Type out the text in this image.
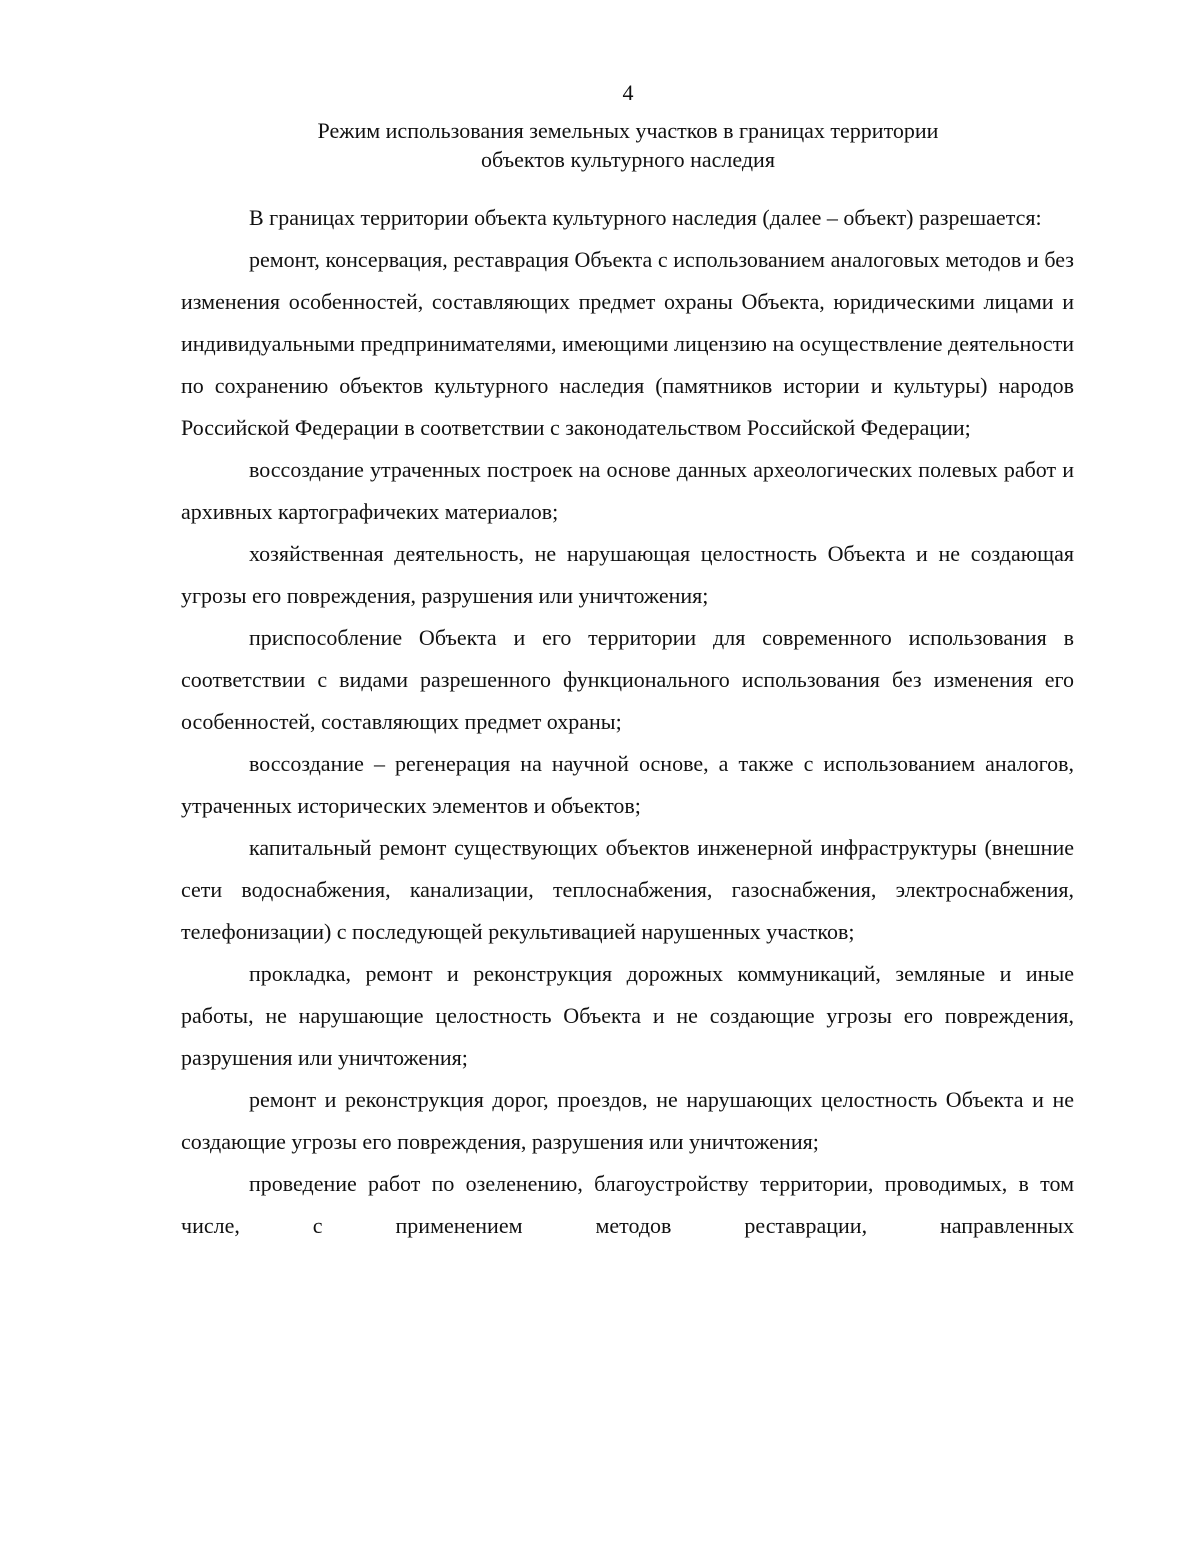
4
Режим использования земельных участков в границах территории
объектов культурного наследия

В границах территории объекта культурного наследия (далее – объект) разрешается:

ремонт, консервация, реставрация Объекта с использованием аналоговых методов и без изменения особенностей, составляющих предмет охраны Объекта, юридическими лицами и индивидуальными предпринимателями, имеющими лицензию на осуществление деятельности по сохранению объектов культурного наследия (памятников истории и культуры) народов Российской Федерации в соответствии с законодательством Российской Федерации;

воссоздание утраченных построек на основе данных археологических полевых работ и архивных картографичеких материалов;

хозяйственная деятельность, не нарушающая целостность Объекта и не создающая угрозы его повреждения, разрушения или уничтожения;

приспособление Объекта и его территории для современного использования в соответствии с видами разрешенного функционального использования без изменения его особенностей, составляющих предмет охраны;

воссоздание – регенерация на научной основе, а также с использованием аналогов, утраченных исторических элементов и объектов;

капитальный ремонт существующих объектов инженерной инфраструктуры (внешние сети водоснабжения, канализации, теплоснабжения, газоснабжения, электроснабжения, телефонизации) с последующей рекультивацией нарушенных участков;

прокладка, ремонт и реконструкция дорожных коммуникаций, земляные и иные работы, не нарушающие целостность Объекта и не создающие угрозы его повреждения, разрушения или уничтожения;

ремонт и реконструкция дорог, проездов, не нарушающих целостность Объекта и не создающие угрозы его повреждения, разрушения или уничтожения;

проведение работ по озеленению, благоустройству территории, проводимых, в том числе, с применением методов реставрации, направленных
